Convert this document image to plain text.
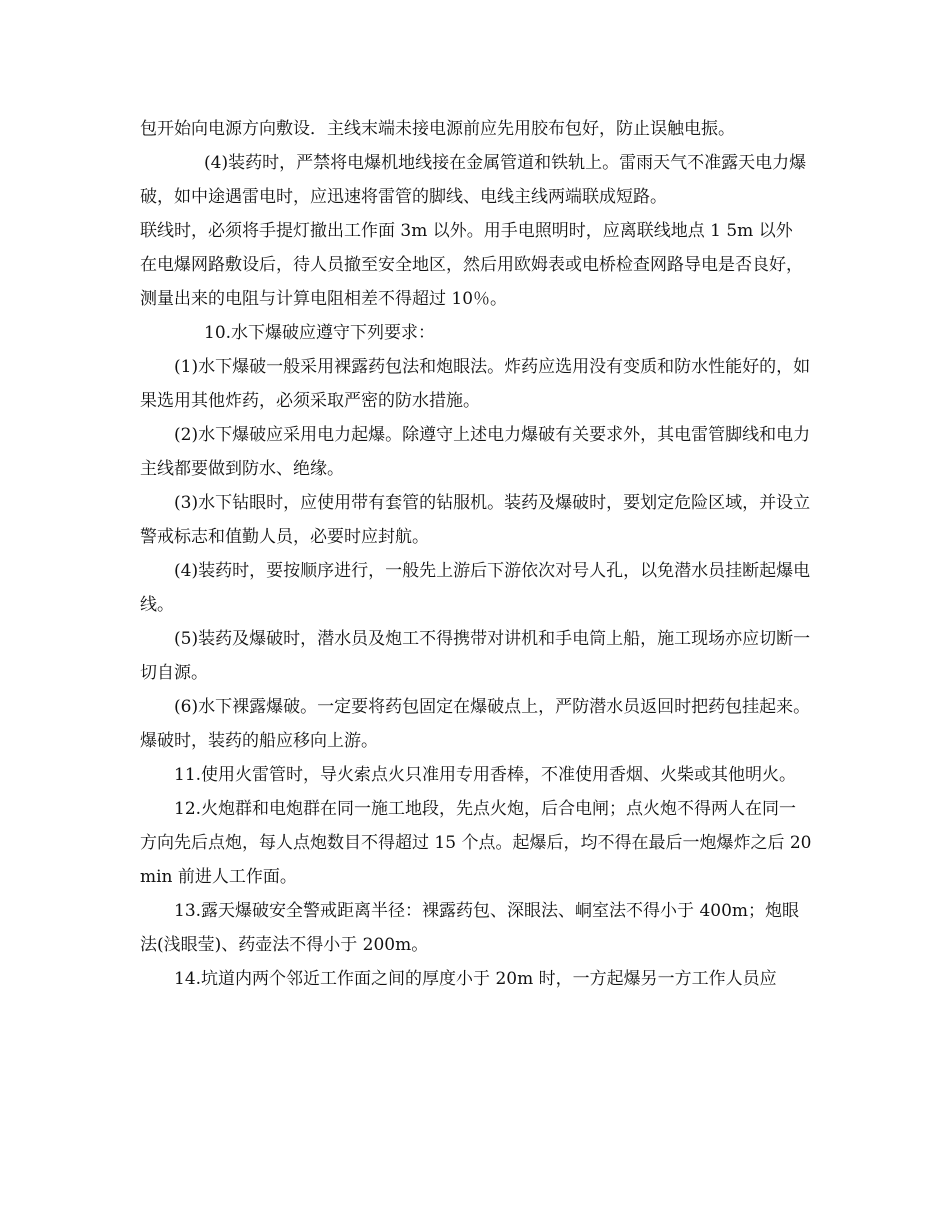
包开始向电源方向敷设．主线末端未接电源前应先用胶布包好，防止误触电振。

(4)装药时，严禁将电爆机地线接在金属管道和铁轨上。雷雨天气不准露天电力爆破，如中途遇雷电时，应迅速将雷管的脚线、电线主线两端联成短路。

联线时，必须将手提灯撤出工作面 3m 以外。用手电照明时，应离联线地点 1 5m 以外

在电爆网路敷设后，待人员撤至安全地区，然后用欧姆表或电桥检查网路导电是否良好，测量出来的电阻与计算电阻相差不得超过 10％。

10.水下爆破应遵守下列要求：

(1)水下爆破一般采用裸露药包法和炮眼法。炸药应选用没有变质和防水性能好的，如果选用其他炸药，必须采取严密的防水措施。

(2)水下爆破应采用电力起爆。除遵守上述电力爆破有关要求外，其电雷管脚线和电力主线都要做到防水、绝缘。

(3)水下钻眼时，应使用带有套管的钻服机。装药及爆破时，要划定危险区域，并设立警戒标志和值勤人员，必要时应封航。

(4)装药时，要按顺序进行，一般先上游后下游依次对号人孔，以免潜水员挂断起爆电线。

(5)装药及爆破时，潜水员及炮工不得携带对讲机和手电筒上船，施工现场亦应切断一切自源。

(6)水下裸露爆破。一定要将药包固定在爆破点上，严防潜水员返回时把药包挂起来。爆破时，装药的船应移向上游。

11.使用火雷管时，导火索点火只准用专用香棒，不准使用香烟、火柴或其他明火。

12.火炮群和电炮群在同一施工地段，先点火炮，后合电闸；点火炮不得两人在同一方向先后点炮，每人点炮数目不得超过 15 个点。起爆后，均不得在最后一炮爆炸之后 20min 前进人工作面。

13.露天爆破安全警戒距离半径：裸露药包、深眼法、峒室法不得小于 400m；炮眼法(浅眼莹)、药壶法不得小于 200m。

14.坑道内两个邻近工作面之间的厚度小于 20m 时，一方起爆另一方工作人员应
